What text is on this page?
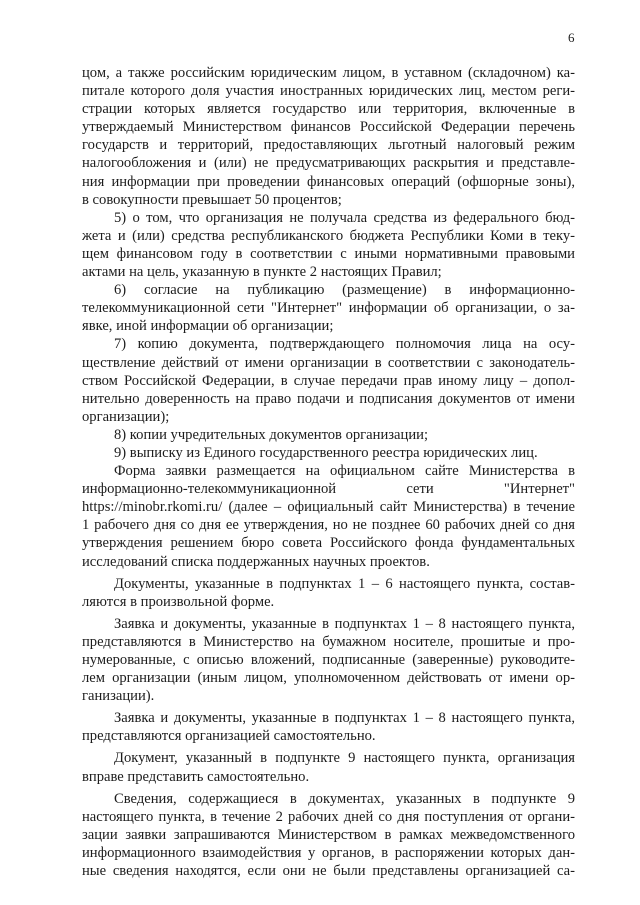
6
цом, а также российским юридическим лицом, в уставном (складочном) ка-
питале которого доля участия иностранных юридических лиц, местом реги-
страции которых является государство или территория, включенные в
утверждаемый Министерством финансов Российской Федерации перечень
государств и территорий, предоставляющих льготный налоговый режим
налогообложения и (или) не предусматривающих раскрытия и представле-
ния информации при проведении финансовых операций (офшорные зоны),
в совокупности превышает 50 процентов;
5) о том, что организация не получала средства из федерального бюд-
жета и (или) средства республиканского бюджета Республики Коми в теку-
щем финансовом году в соответствии с иными нормативными правовыми
актами на цель, указанную в пункте 2 настоящих Правил;
6) согласие на публикацию (размещение) в информационно-
телекоммуникационной сети "Интернет" информации об организации, о за-
явке, иной информации об организации;
7) копию документа, подтверждающего полномочия лица на осу-
ществление действий от имени организации в соответствии с законодатель-
ством Российской Федерации, в случае передачи прав иному лицу – допол-
нительно доверенность на право подачи и подписания документов от имени
организации);
8) копии учредительных документов организации;
9) выписку из Единого государственного реестра юридических лиц.
Форма заявки размещается на официальном сайте Министерства в
информационно-телекоммуникационной сети "Интернет"
https://minobr.rkomi.ru/ (далее – официальный сайт Министерства) в течение
1 рабочего дня со дня ее утверждения, но не позднее 60 рабочих дней со дня
утверждения решением бюро совета Российского фонда фундаментальных
исследований списка поддержанных научных проектов.
Документы, указанные в подпунктах 1 – 6 настоящего пункта, состав-
ляются в произвольной форме.
Заявка и документы, указанные в подпунктах 1 – 8 настоящего пункта,
представляются в Министерство на бумажном носителе, прошитые и про-
нумерованные, с описью вложений, подписанные (заверенные) руководите-
лем организации (иным лицом, уполномоченном действовать от имени ор-
ганизации).
Заявка и документы, указанные в подпунктах 1 – 8 настоящего пункта,
представляются организацией самостоятельно.
Документ, указанный в подпункте 9 настоящего пункта, организация
вправе представить самостоятельно.
Сведения, содержащиеся в документах, указанных в подпункте 9
настоящего пункта, в течение 2 рабочих дней со дня поступления от органи-
зации заявки запрашиваются Министерством в рамках межведомственного
информационного взаимодействия у органов, в распоряжении которых дан-
ные сведения находятся, если они не были представлены организацией са-
